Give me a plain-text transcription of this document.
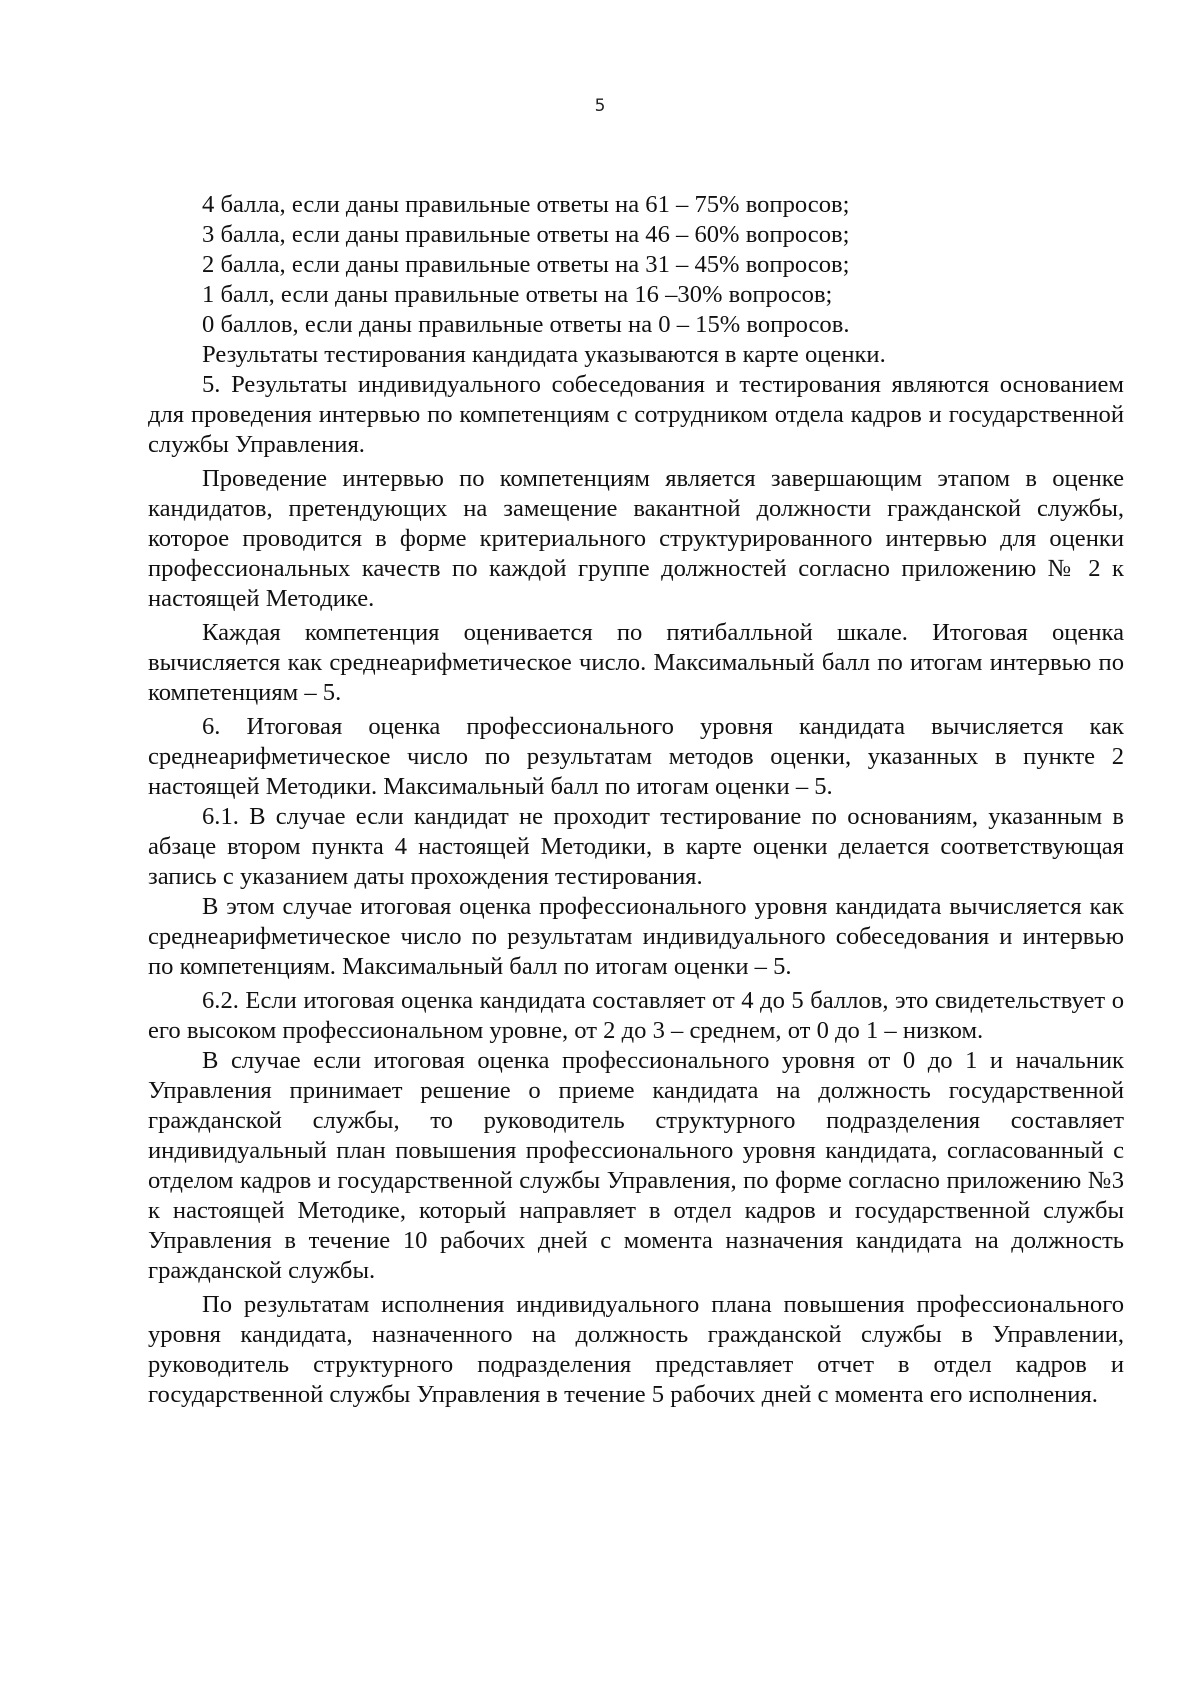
5

4 балла, если даны правильные ответы на 61 – 75% вопросов;

3 балла, если даны правильные ответы на 46 – 60% вопросов;

2 балла, если даны правильные ответы на 31 – 45% вопросов;

1 балл, если даны правильные ответы на 16 –30% вопросов;

0 баллов, если даны правильные ответы на 0 – 15% вопросов.

Результаты тестирования кандидата указываются в карте оценки.

5. Результаты индивидуального собеседования и тестирования являются основанием для проведения интервью по компетенциям с сотрудником отдела кадров и государственной службы Управления.

Проведение интервью по компетенциям является завершающим этапом в оценке кандидатов, претендующих на замещение вакантной должности гражданской службы, которое проводится в форме критериального структурированного интервью для оценки профессиональных качеств по каждой группе должностей согласно приложению № 2 к настоящей Методике.

Каждая компетенция оценивается по пятибалльной шкале. Итоговая оценка вычисляется как среднеарифметическое число. Максимальный балл по итогам интервью по компетенциям – 5.

6. Итоговая оценка профессионального уровня кандидата вычисляется как среднеарифметическое число по результатам методов оценки, указанных в пункте 2 настоящей Методики. Максимальный балл по итогам оценки – 5.

6.1. В случае если кандидат не проходит тестирование по основаниям, указанным в абзаце втором пункта 4 настоящей Методики, в карте оценки делается соответствующая запись с указанием даты прохождения тестирования.

В этом случае итоговая оценка профессионального уровня кандидата вычисляется как среднеарифметическое число по результатам индивидуального собеседования и интервью по компетенциям. Максимальный балл по итогам оценки – 5.

6.2. Если итоговая оценка кандидата составляет от 4 до 5 баллов, это свидетельствует о его высоком профессиональном уровне, от 2 до 3 – среднем, от 0 до 1 – низком.

В случае если итоговая оценка профессионального уровня от 0 до 1 и начальник Управления принимает решение о приеме кандидата на должность государственной гражданской службы, то руководитель структурного подразделения составляет индивидуальный план повышения профессионального уровня кандидата, согласованный с отделом кадров и государственной службы Управления, по форме согласно приложению №3 к настоящей Методике, который направляет в отдел кадров и государственной службы Управления в течение 10 рабочих дней с момента назначения кандидата на должность гражданской службы.

По результатам исполнения индивидуального плана повышения профессионального уровня кандидата, назначенного на должность гражданской службы в Управлении, руководитель структурного подразделения представляет отчет в отдел кадров и государственной службы Управления в течение 5 рабочих дней с момента его исполнения.
